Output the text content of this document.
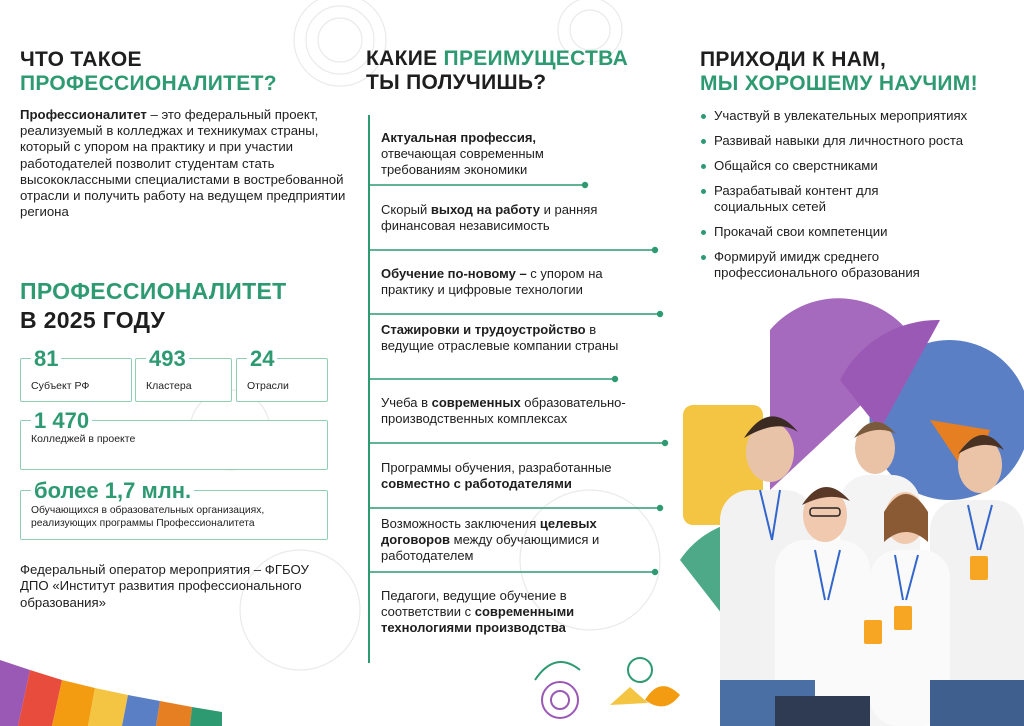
ЧТО ТАКОЕ
ПРОФЕССИОНАЛИТЕТ?
Профессионалитет – это федеральный проект, реализуемый в колледжах и техникумах страны, который с упором на практику и при участии работодателей позволит студентам стать высококлассными специалистами в востребованной отрасли и получить работу на ведущем предприятии региона
ПРОФЕССИОНАЛИТЕТ
В 2025 ГОДУ
81
Субъект РФ
493
Кластера
24
Отрасли
1 470
Колледжей в проекте
более 1,7 млн.
Обучающихся в образовательных организациях, реализующих программы Профессионалитета
Федеральный оператор мероприятия – ФГБОУ ДПО «Институт развития профессионального образования»
КАКИЕ ПРЕИМУЩЕСТВА
ТЫ ПОЛУЧИШЬ?
Актуальная профессия, отвечающая современным требованиям экономики
Скорый выход на работу и ранняя финансовая независимость
Обучение по-новому – с упором на практику и цифровые технологии
Стажировки и трудоустройство в ведущие отраслевые компании страны
Учеба в современных образовательно-производственных комплексах
Программы обучения, разработанные совместно с работодателями
Возможность заключения целевых договоров между обучающимися и работодателем
Педагоги, ведущие обучение в соответствии с современными технологиями производства
ПРИХОДИ К НАМ,
МЫ ХОРОШЕМУ НАУЧИМ!
Участвуй в увлекательных мероприятиях
Развивай навыки для личностного роста
Общайся со сверстниками
Разрабатывай контент для социальных сетей
Прокачай свои компетенции
Формируй имидж среднего профессионального образования
